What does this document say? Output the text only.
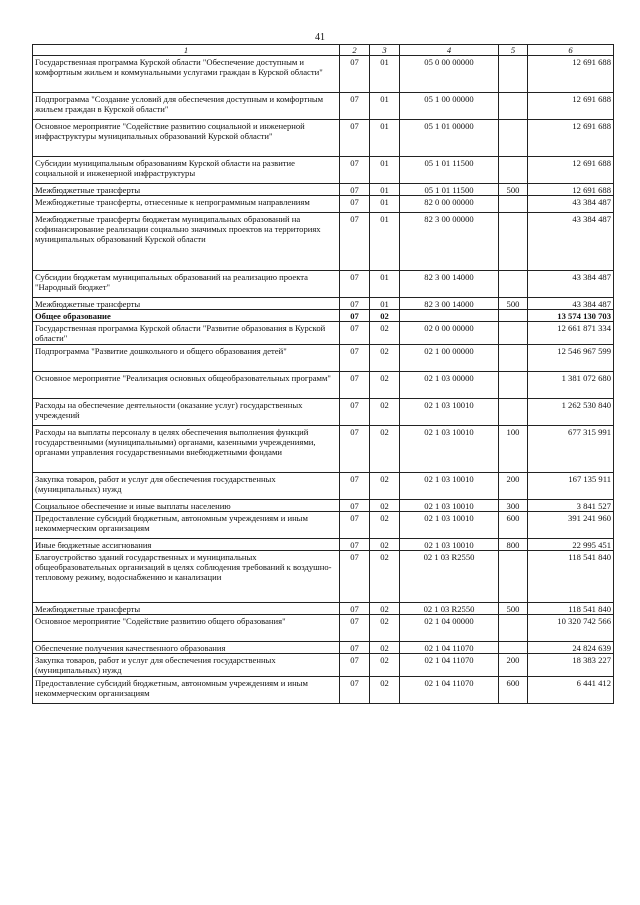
41
1	2	3	4	5	6
Государственная программа Курской области "Обеспечение доступным и комфортным жильем и коммунальными услугами граждан в Курской области"	07	01	05 0 00 00000		12 691 688
Подпрограмма "Создание условий для обеспечения доступным и комфортным жильем граждан в Курской области"	07	01	05 1 00 00000		12 691 688
Основное мероприятие "Содействие развитию социальной и инженерной инфраструктуры муниципальных образований Курской области"	07	01	05 1 01 00000		12 691 688
Субсидии муниципальным образованиям Курской области на развитие социальной и инженерной инфраструктуры	07	01	05 1 01 11500		12 691 688
Межбюджетные трансферты	07	01	05 1 01 11500	500	12 691 688
Межбюджетные трансферты, отнесенные к непрограммным направлениям	07	01	82 0 00 00000		43 384 487
Межбюджетные трансферты бюджетам муниципальных образований на софинансирование реализации социально значимых проектов на территориях муниципальных образований Курской области	07	01	82 3 00 00000		43 384 487
Субсидии бюджетам муниципальных образований на реализацию проекта "Народный бюджет"	07	01	82 3 00 14000		43 384 487
Межбюджетные трансферты	07	01	82 3 00 14000	500	43 384 487
Общее образование	07	02			13 574 130 703
Государственная программа Курской области "Развитие образования в Курской области"	07	02	02 0 00 00000		12 661 871 334
Подпрограмма "Развитие дошкольного и общего образования детей"	07	02	02 1 00 00000		12 546 967 599
Основное мероприятие "Реализация основных общеобразовательных программ"	07	02	02 1 03 00000		1 381 072 680
Расходы на обеспечение деятельности (оказание услуг) государственных учреждений	07	02	02 1 03 10010		1 262 530 840
Расходы на выплаты персоналу в целях обеспечения выполнения функций государственными (муниципальными) органами, казенными учреждениями, органами управления государственными внебюджетными фондами	07	02	02 1 03 10010	100	677 315 991
Закупка товаров, работ и услуг для обеспечения государственных (муниципальных) нужд	07	02	02 1 03 10010	200	167 135 911
Социальное обеспечение и иные выплаты населению	07	02	02 1 03 10010	300	3 841 527
Предоставление субсидий бюджетным, автономным учреждениям и иным некоммерческим организациям	07	02	02 1 03 10010	600	391 241 960
Иные бюджетные ассигнования	07	02	02 1 03 10010	800	22 995 451
Благоустройство зданий государственных и муниципальных общеобразовательных организаций в целях соблюдения требований к воздушно-тепловому режиму, водоснабжению и канализации	07	02	02 1 03 R2550		118 541 840
Межбюджетные трансферты	07	02	02 1 03 R2550	500	118 541 840
Основное мероприятие "Содействие развитию общего образования"	07	02	02 1 04 00000		10 320 742 566
Обеспечение получения качественного образования	07	02	02 1 04 11070		24 824 639
Закупка товаров, работ и услуг для обеспечения государственных (муниципальных) нужд	07	02	02 1 04 11070	200	18 383 227
Предоставление субсидий бюджетным, автономным учреждениям и иным некоммерческим организациям	07	02	02 1 04 11070	600	6 441 412
